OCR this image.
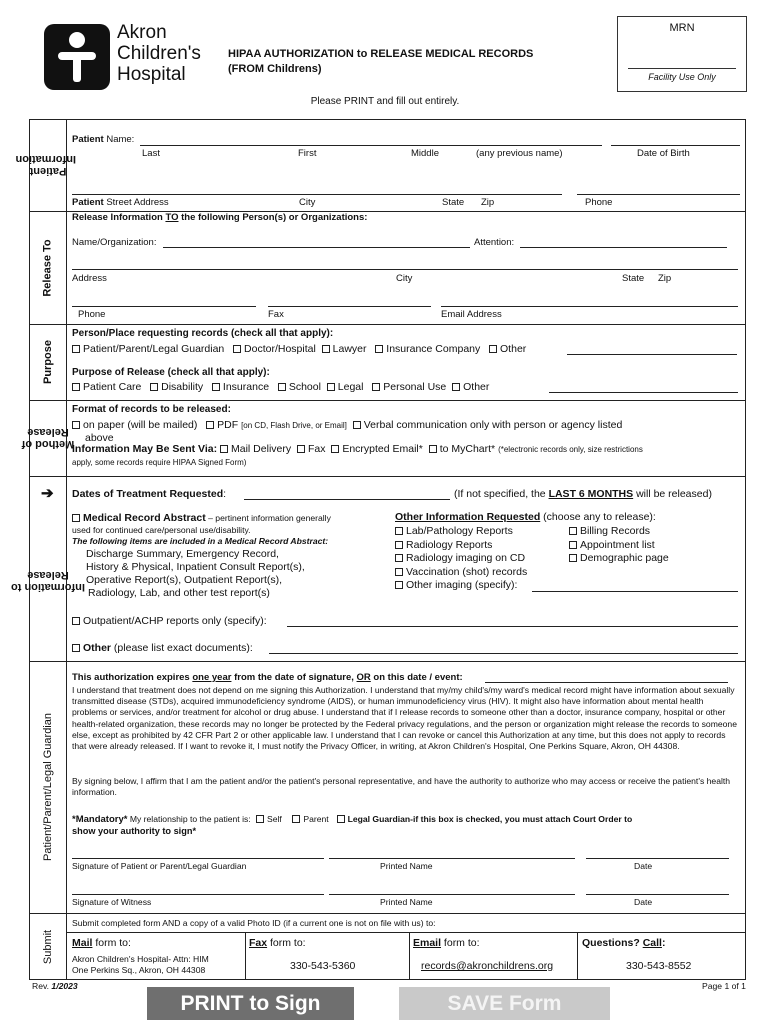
Akron
Children's
Hospital
HIPAA AUTHORIZATION to RELEASE MEDICAL RECORDS
(FROM Childrens)
MRN
Facility Use Only
Please PRINT and fill out entirely.
Patient Information
Release To
Purpose
Method of Release
➔
Information to Release
Patient/Parent/Legal Guardian
Submit
Patient Name:
Last	First	Middle	(any previous name)	Date of Birth
Patient Street Address	City	State Zip	Phone
Release Information TO the following Person(s) or Organizations:
Name/Organization:	Attention:
Address	City	State Zip
Phone	Fax	Email Address
Person/Place requesting records (check all that apply):
Patient/Parent/Legal Guardian Doctor/Hospital Lawyer Insurance Company Other
Purpose of Release (check all that apply):
Patient Care Disability Insurance School Legal Personal Use Other
Format of records to be released:
on paper (will be mailed) PDF [on CD, Flash Drive, or Email] Verbal communication only with person or agency listed
above
Information May Be Sent Via: Mail Delivery Fax Encrypted Email* to MyChart* (*electronic records only, size restrictions
apply, some records require HIPAA Signed Form)
Dates of Treatment Requested:	(If not specified, the LAST 6 MONTHS will be released)
Medical Record Abstract – pertinent information generally
used for continued care/personal use/disability.
The following items are included in a Medical Record Abstract:
Discharge Summary, Emergency Record,
History & Physical, Inpatient Consult Report(s),
Operative Report(s), Outpatient Report(s),
Radiology, Lab, and other test report(s)
Other Information Requested (choose any to release):
Lab/Pathology Reports
Radiology Reports
Radiology imaging on CD
Vaccination (shot) records
Other imaging (specify):
Billing Records
Appointment list
Demographic page
Outpatient/ACHP reports only (specify):
Other (please list exact documents):
This authorization expires one year from the date of signature, OR on this date / event:
I understand that treatment does not depend on me signing this Authorization. I understand that my/my child's/my ward's medical record might have information about sexually transmitted disease (STDs), acquired immunodeficiency syndrome (AIDS), or human immunodeficiency virus (HIV). It might also have information about mental health problems or services, and/or treatment for alcohol or drug abuse. I understand that if I release records to someone other than a doctor, insurance company, hospital or other health-related organization, these records may no longer be protected by the Federal privacy regulations, and the person or organization might release the records to someone else, except as prohibited by 42 CFR Part 2 or other applicable law. I understand that I can revoke or cancel this Authorization at any time, but this does not apply to records that were already released. If I want to revoke it, I must notify the Privacy Officer, in writing, at Akron Children's Hospital, One Perkins Square, Akron, OH 44308.
By signing below, I affirm that I am the patient and/or the patient's personal representative, and have the authority to authorize who may access or receive the patient's health information.
*Mandatory* My relationship to the patient is: Self	Parent Legal Guardian-if this box is checked, you must attach Court Order to
show your authority to sign*
Signature of Patient or Parent/Legal Guardian	Printed Name	Date
Signature of Witness	Printed Name	Date
Submit completed form AND a copy of a valid Photo ID (if a current one is not on file with us) to:
Mail form to:
Akron Children's Hospital- Attn: HIM
One Perkins Sq., Akron, OH 44308
Fax form to:
330-543-5360
Email form to:
records@akronchildrens.org
Questions? Call:
330-543-8552
Rev. 1/2023	Page 1 of 1
PRINT to Sign	SAVE Form
